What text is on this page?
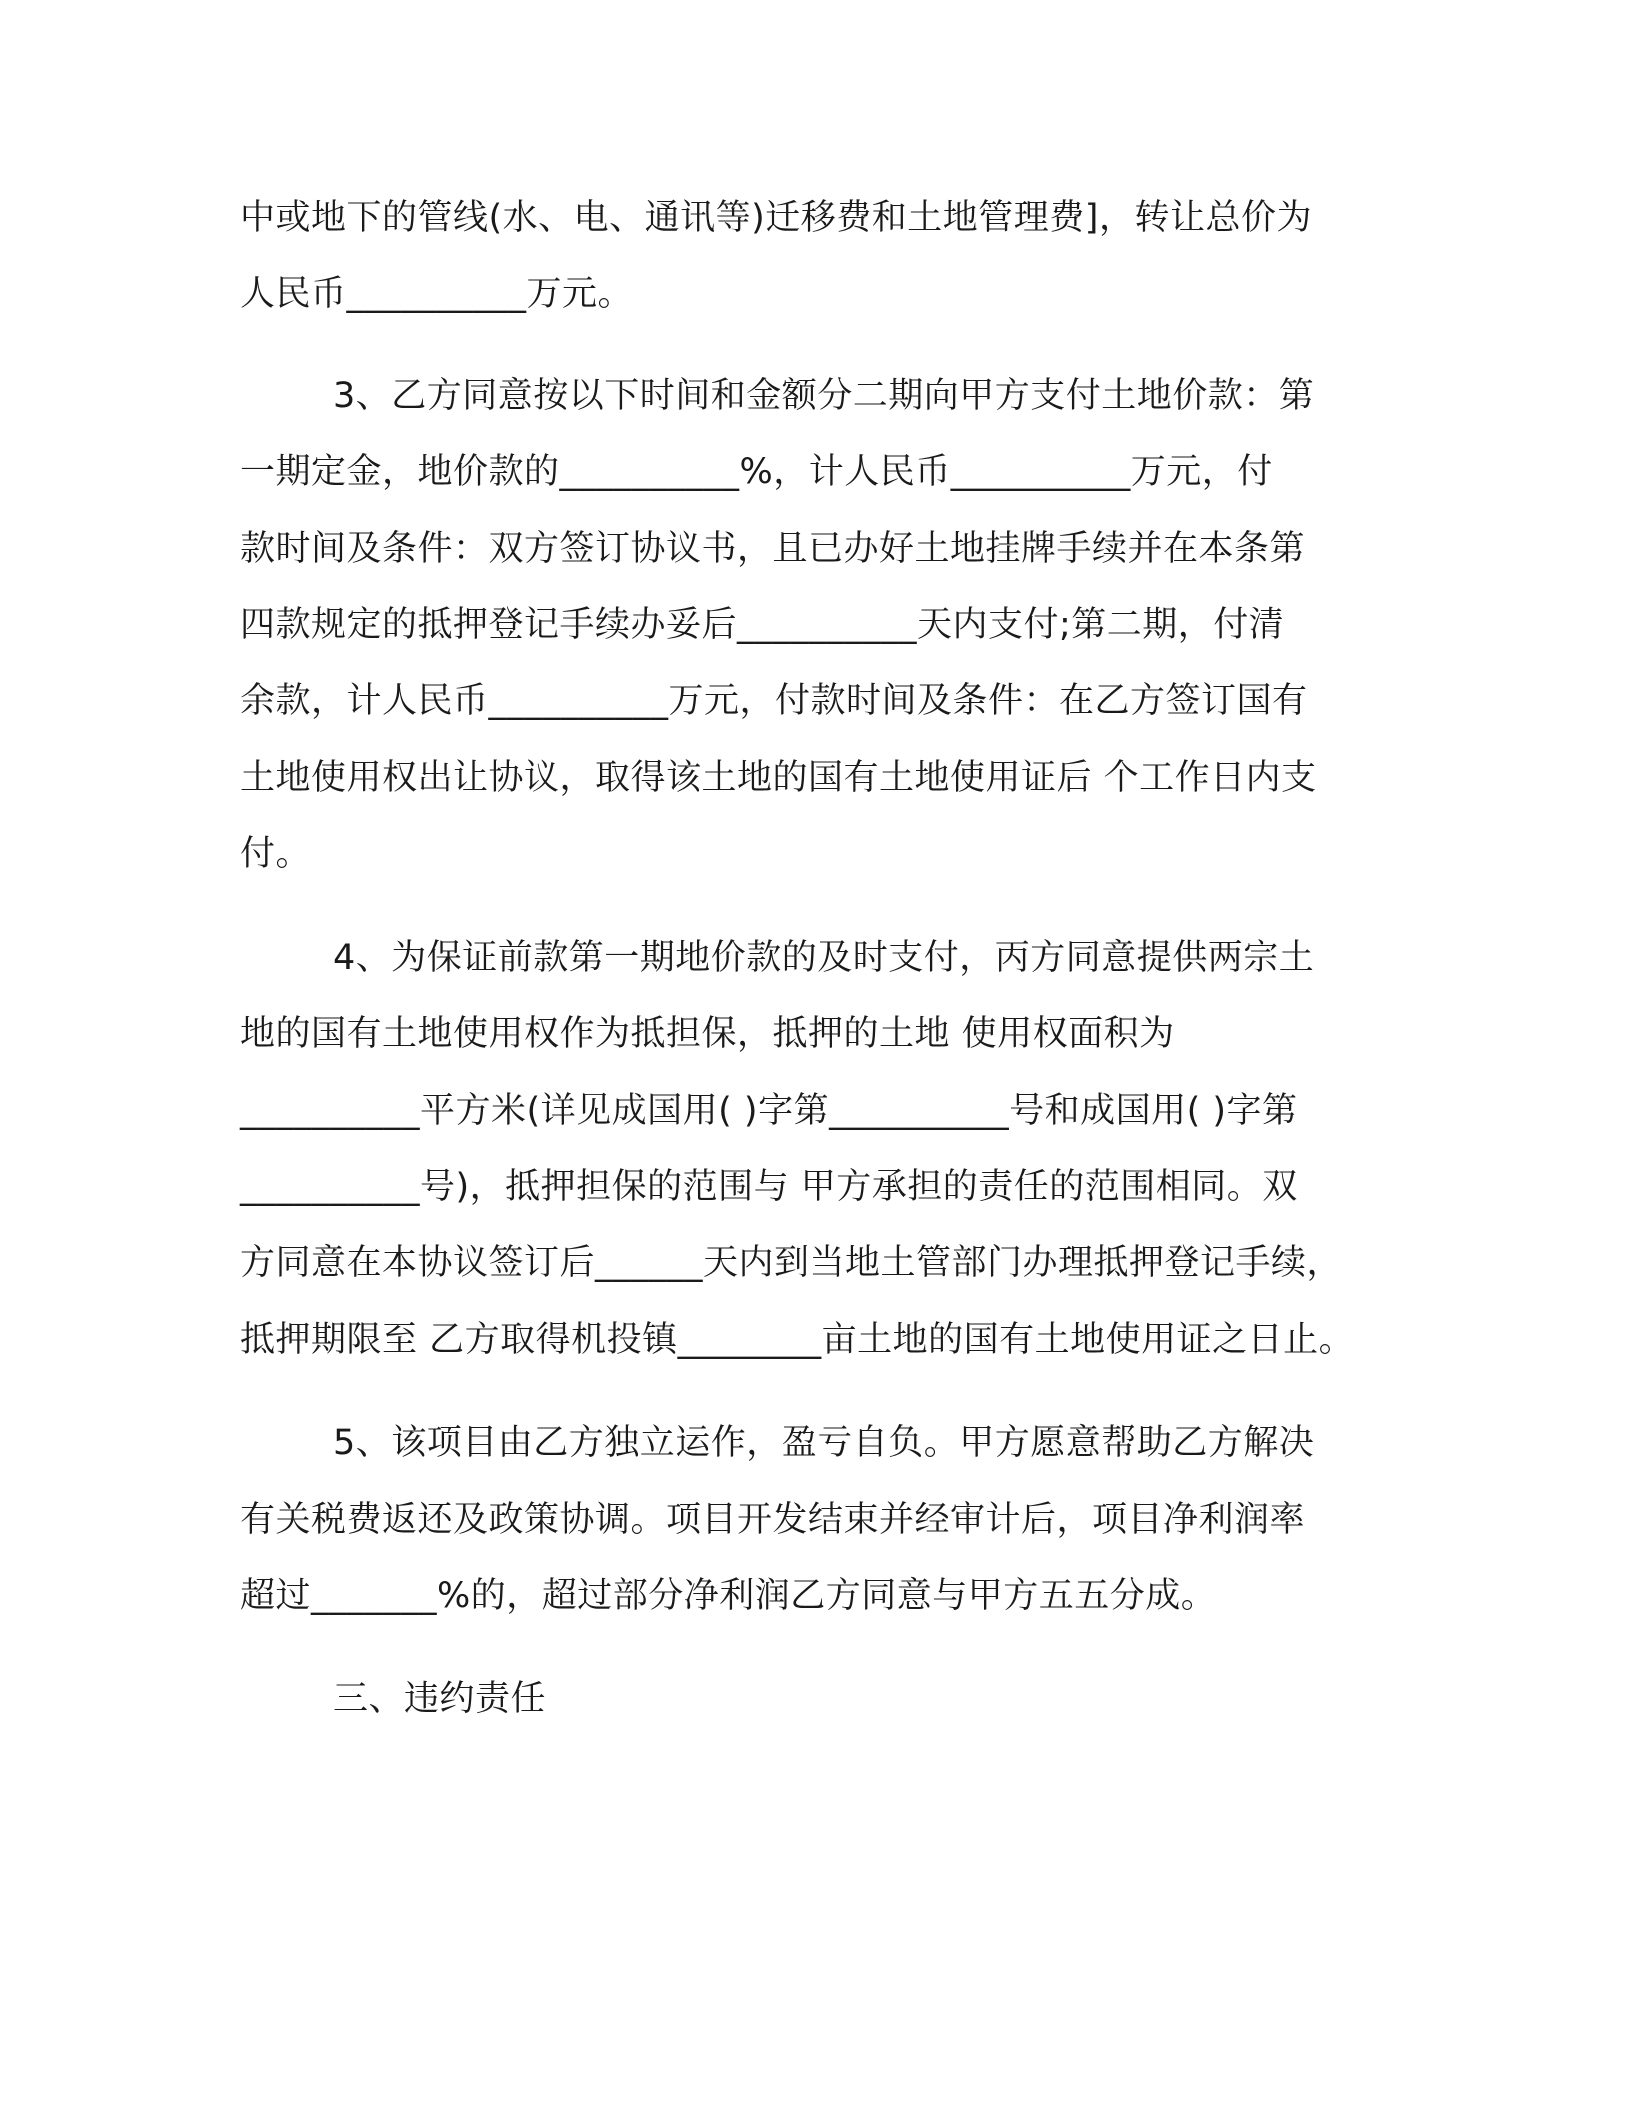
中或地下的管线(水、电、通讯等)迁移费和土地管理费]，转让总价为
人民币__________万元。
3、乙方同意按以下时间和金额分二期向甲方支付土地价款：第
一期定金，地价款的__________%，计人民币__________万元，付
款时间及条件：双方签订协议书，且已办好土地挂牌手续并在本条第
四款规定的抵押登记手续办妥后__________天内支付;第二期，付清
余款，计人民币__________万元，付款时间及条件：在乙方签订国有
土地使用权出让协议，取得该土地的国有土地使用证后 个工作日内支
付。
4、为保证前款第一期地价款的及时支付，丙方同意提供两宗土
地的国有土地使用权作为抵担保，抵押的土地 使用权面积为
__________平方米(详见成国用( )字第__________号和成国用( )字第
__________号)，抵押担保的范围与 甲方承担的责任的范围相同。双
方同意在本协议签订后______天内到当地土管部门办理抵押登记手续，
抵押期限至 乙方取得机投镇________亩土地的国有土地使用证之日止。
5、该项目由乙方独立运作，盈亏自负。甲方愿意帮助乙方解决
有关税费返还及政策协调。项目开发结束并经审计后，项目净利润率
超过_______%的，超过部分净利润乙方同意与甲方五五分成。
三、违约责任
